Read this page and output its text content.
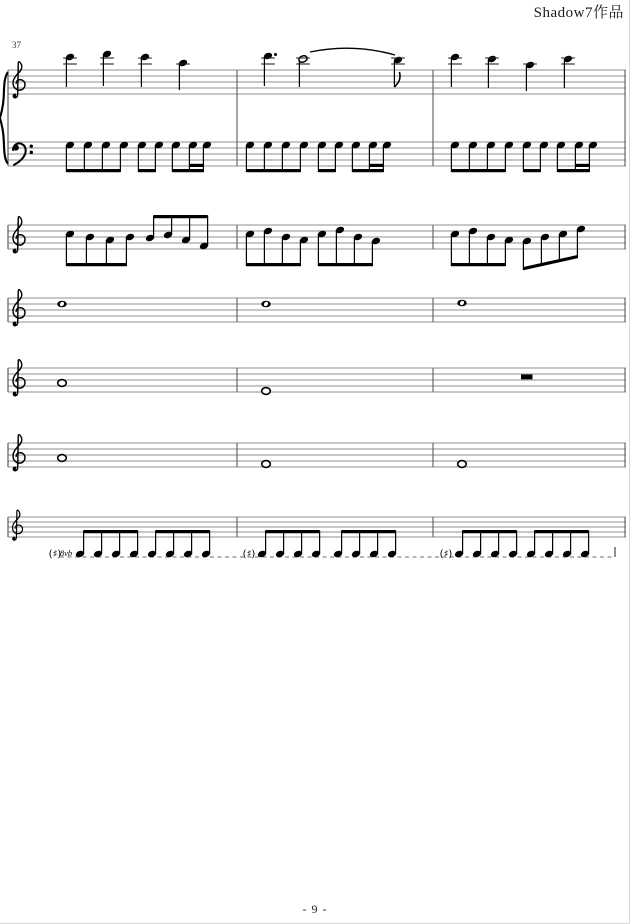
Shadow7作品
37
(♯)
8vb	(♯)	(♯)
- 9 -
